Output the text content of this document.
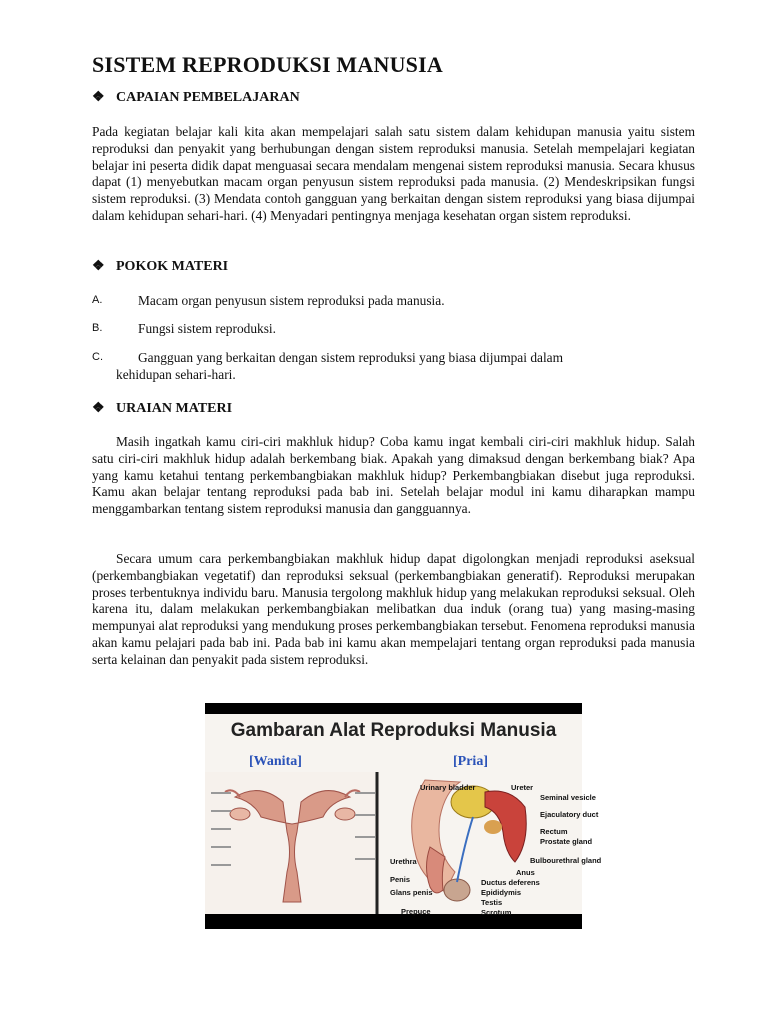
SISTEM REPRODUKSI MANUSIA
❖ CAPAIAN PEMBELAJARAN
Pada kegiatan belajar kali kita akan mempelajari salah satu sistem dalam kehidupan manusia yaitu sistem reproduksi dan penyakit yang berhubungan dengan sistem reproduksi manusia. Setelah mempelajari kegiatan belajar ini peserta didik dapat menguasai secara mendalam mengenai sistem reproduksi manusia. Secara khusus dapat (1) menyebutkan macam organ penyusun sistem reproduksi pada manusia. (2) Mendeskripsikan fungsi sistem reproduksi. (3) Mendata contoh gangguan yang berkaitan dengan sistem reproduksi yang biasa dijumpai dalam kehidupan sehari-hari. (4) Menyadari pentingnya menjaga kesehatan organ sistem reproduksi.
❖ POKOK MATERI
A.	Macam organ penyusun sistem reproduksi pada manusia.
B.	Fungsi sistem reproduksi.
C.	Gangguan yang berkaitan dengan sistem reproduksi yang biasa dijumpai dalam
kehidupan sehari-hari.
❖ URAIAN MATERI
Masih ingatkah kamu ciri-ciri makhluk hidup? Coba kamu ingat kembali ciri-ciri makhluk hidup. Salah satu ciri-ciri makhluk hidup adalah berkembang biak. Apakah yang dimaksud dengan berkembang biak? Apa yang kamu ketahui tentang perkembangbiakan makhluk hidup? Perkembangbiakan disebut juga reproduksi. Kamu akan belajar tentang reproduksi pada bab ini. Setelah belajar modul ini kamu diharapkan mampu menggambarkan tentang sistem reproduksi manusia dan gangguannya.
Secara umum cara perkembangbiakan makhluk hidup dapat digolongkan menjadi reproduksi aseksual (perkembangbiakan vegetatif) dan reproduksi seksual (perkembangbiakan generatif). Reproduksi merupakan proses terbentuknya individu baru. Manusia tergolong makhluk hidup yang melakukan reproduksi seksual. Oleh karena itu, dalam melakukan perkembangbiakan melibatkan dua induk (orang tua) yang masing-masing mempunyai alat reproduksi yang mendukung proses perkembangbiakan tersebut. Fenomena reproduksi manusia akan kamu pelajari pada bab ini. Pada bab ini kamu akan mempelajari tentang organ reproduksi pada manusia serta kelainan dan penyakit pada sistem reproduksi.
Gambaran Alat Reproduksi Manusia
[Wanita]	[Pria]
Urinary bladder	Ureter
Seminal vesicle
Ejaculatory duct
Rectum
Prostate gland
Bulbourethral gland
Anus
Urethra
Penis
Glans penis
Prepuce
Ductus deferens
Epididymis
Testis
Scrotum
